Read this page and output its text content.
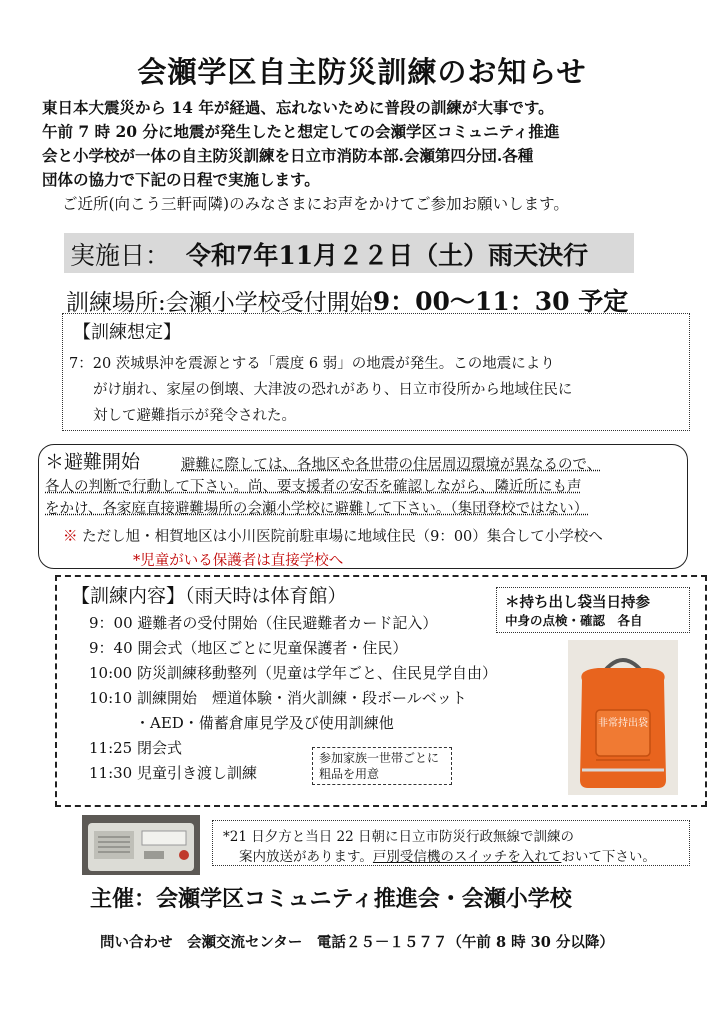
会瀬学区自主防災訓練のお知らせ

東日本大震災から 14 年が経過、忘れないために普段の訓練が大事です。

午前 7 時 20 分に地震が発生したと想定しての会瀬学区コミュニティ推進

会と小学校が一体の自主防災訓練を日立市消防本部.会瀬第四分団.各種

団体の協力で下記の日程で実施します。

ご近所(向こう三軒両隣)のみなさまにお声をかけてご参加お願いします。

実施日： 令和7年11月２２日（土）雨天決行
訓練場所:会瀬小学校受付開始9：00〜11：30 予定
【訓練想定】
7：20 茨城県沖を震源とする「震度 6 弱」の地震が発生。この地震により
がけ崩れ、家屋の倒壊、大津波の恐れがあり、日立市役所から地域住民に
対して避難指示が発令された。
＊避難開始	避難に際しては、各地区や各世帯の住居周辺環境が異なるので、
各人の判断で行動して下さい。尚、要支援者の安否を確認しながら、隣近所にも声
をかけ、各家庭直接避難場所の会瀬小学校に避難して下さい。（集団登校ではない）
※ ただし旭・相賀地区は小川医院前駐車場に地域住民（9：00）集合して小学校へ
*児童がいる保護者は直接学校へ
【訓練内容】（雨天時は体育館）
9：00 避難者の受付開始（住民避難者カード記入）
9：40 開会式（地区ごとに児童保護者・住民）
10:00 防災訓練移動整列（児童は学年ごと、住民見学自由）
10:10 訓練開始　煙道体験・消火訓練・段ボールベット
・AED・備蓄倉庫見学及び使用訓練他
11:25 閉会式
11:30 児童引き渡し訓練
＊持ち出し袋当日持参
中身の点検・確認　各自
参加家族一世帯ごとに
粗品を用意
非常持出袋
*21 日夕方と当日 22 日朝に日立市防災行政無線で訓練の
案内放送があります。戸別受信機のスイッチを入れておいて下さい。
主催：会瀬学区コミュニティ推進会・会瀬小学校
問い合わせ　会瀬交流センター　電話２５－１５７７（午前 8 時 30 分以降）
